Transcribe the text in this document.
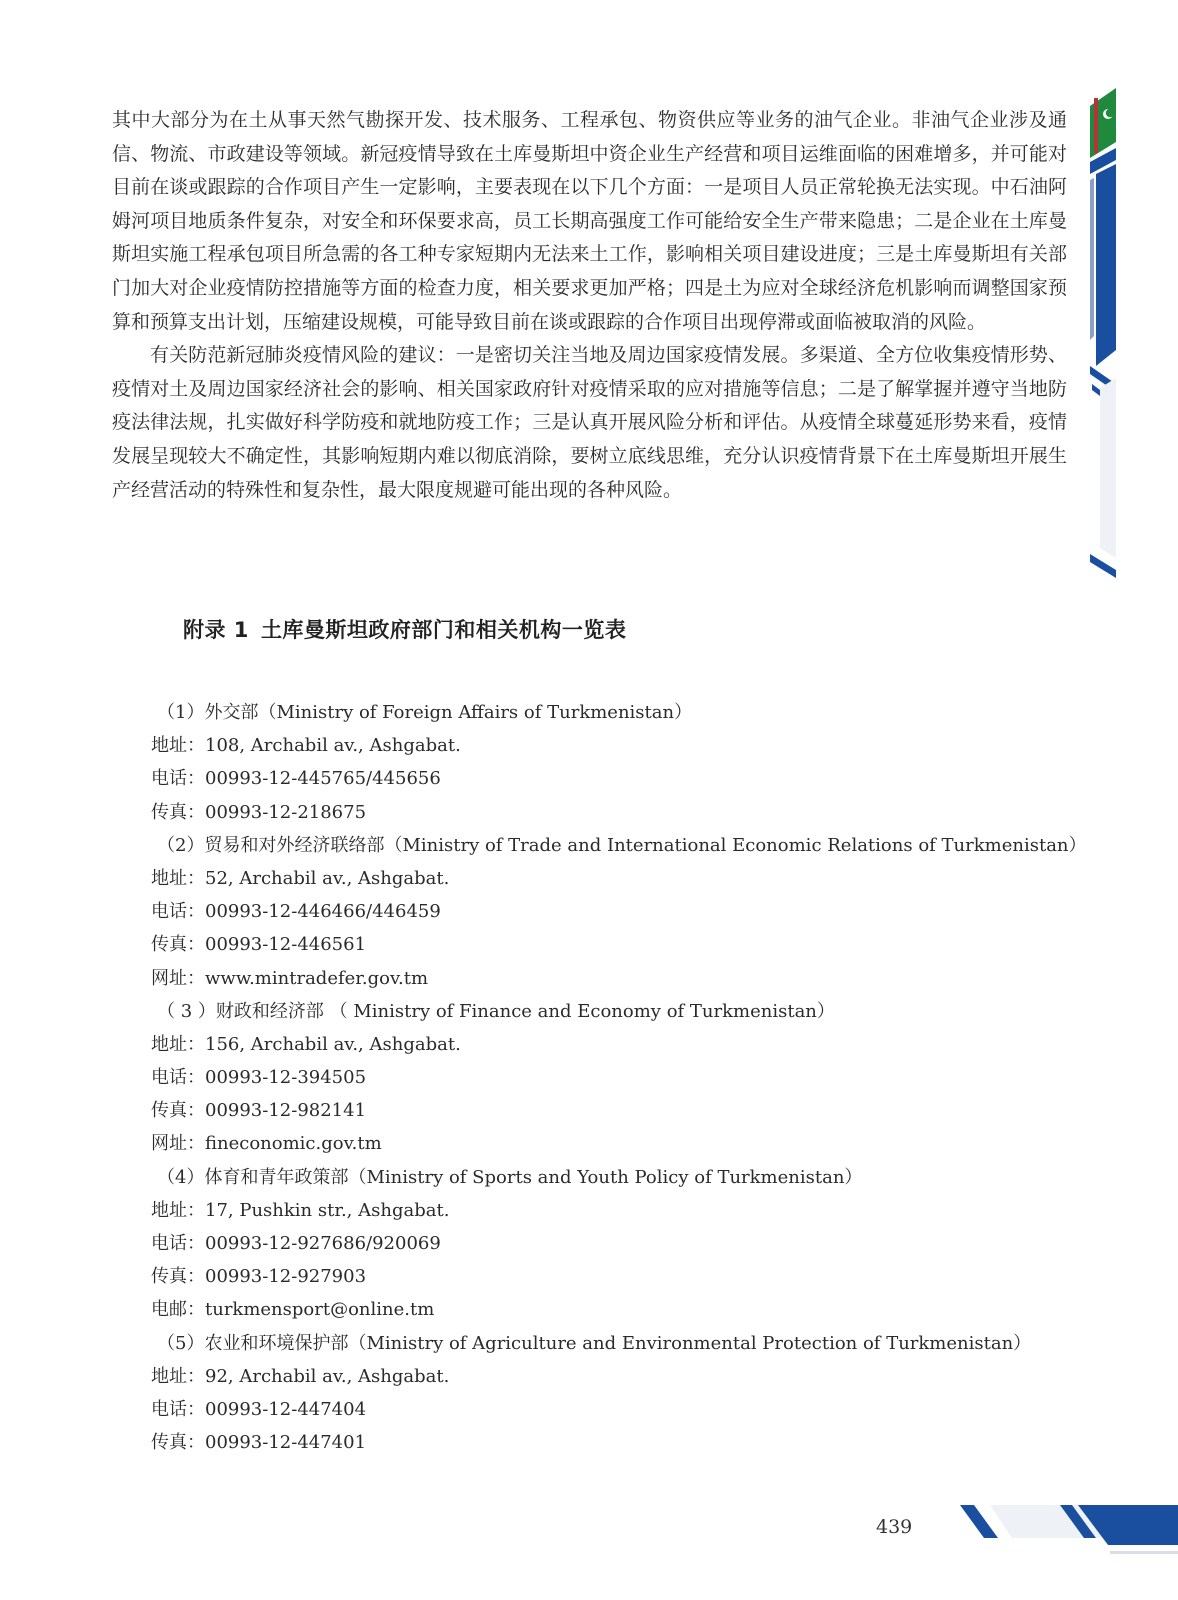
其中大部分为在土从事天然气勘探开发、技术服务、工程承包、物资供应等业务的油气企业。非油气企业涉及通信、物流、市政建设等领域。新冠疫情导致在土库曼斯坦中资企业生产经营和项目运维面临的困难增多，并可能对目前在谈或跟踪的合作项目产生一定影响，主要表现在以下几个方面：一是项目人员正常轮换无法实现。中石油阿姆河项目地质条件复杂，对安全和环保要求高，员工长期高强度工作可能给安全生产带来隐患；二是企业在土库曼斯坦实施工程承包项目所急需的各工种专家短期内无法来土工作，影响相关项目建设进度；三是土库曼斯坦有关部门加大对企业疫情防控措施等方面的检查力度，相关要求更加严格；四是土为应对全球经济危机影响而调整国家预算和预算支出计划，压缩建设规模，可能导致目前在谈或跟踪的合作项目出现停滞或面临被取消的风险。

有关防范新冠肺炎疫情风险的建议：一是密切关注当地及周边国家疫情发展。多渠道、全方位收集疫情形势、疫情对土及周边国家经济社会的影响、相关国家政府针对疫情采取的应对措施等信息；二是了解掌握并遵守当地防疫法律法规，扎实做好科学防疫和就地防疫工作；三是认真开展风险分析和评估。从疫情全球蔓延形势来看，疫情发展呈现较大不确定性，其影响短期内难以彻底消除，要树立底线思维，充分认识疫情背景下在土库曼斯坦开展生产经营活动的特殊性和复杂性，最大限度规避可能出现的各种风险。

附录 1 土库曼斯坦政府部门和相关机构一览表
（1）外交部（Ministry of Foreign Affairs of Turkmenistan）
地址：108, Archabil av., Ashgabat.
电话：00993-12-445765/445656
传真：00993-12-218675
（2）贸易和对外经济联络部（Ministry of Trade and International Economic Relations of Turkmenistan）
地址：52, Archabil av., Ashgabat.
电话：00993-12-446466/446459
传真：00993-12-446561
网址：www.mintradefer.gov.tm
（ 3 ）财政和经济部 （ Ministry of Finance and Economy of Turkmenistan）
地址：156, Archabil av., Ashgabat.
电话：00993-12-394505
传真：00993-12-982141
网址：fineconomic.gov.tm
（4）体育和青年政策部（Ministry of Sports and Youth Policy of Turkmenistan）
地址：17, Pushkin str., Ashgabat.
电话：00993-12-927686/920069
传真：00993-12-927903
电邮：turkmensport@online.tm
（5）农业和环境保护部（Ministry of Agriculture and Environmental Protection of Turkmenistan）
地址：92, Archabil av., Ashgabat.
电话：00993-12-447404
传真：00993-12-447401
439
